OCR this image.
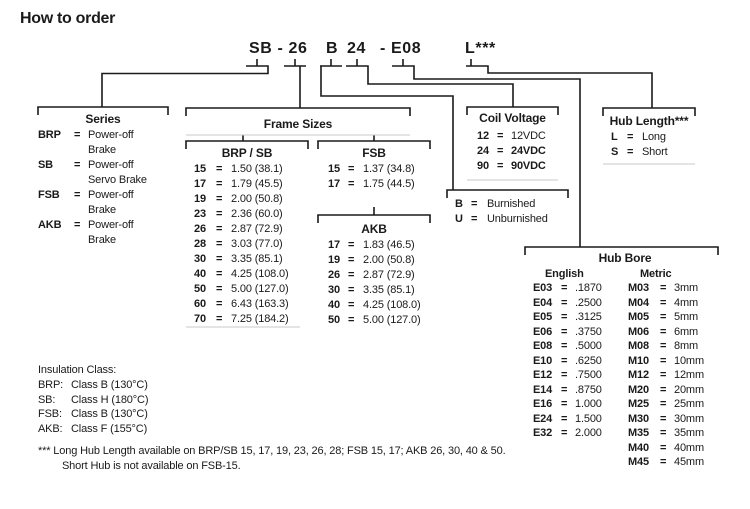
How to order
SB - 26 B 24 - E08	L***
Series
BRP	= Power-off
Brake
SB	= Power-off
Servo Brake
FSB	= Power-off
Brake
AKB	= Power-off
Brake
Frame Sizes
BRP / SB
15 = 1.50 (38.1)
17 = 1.79 (45.5)
19 = 2.00 (50.8)
23 = 2.36 (60.0)
26 = 2.87 (72.9)
28 = 3.03 (77.0)
30 = 3.35 (85.1)
40 = 4.25 (108.0)
50 = 5.00 (127.0)
60 = 6.43 (163.3)
70 = 7.25 (184.2)
FSB
15 = 1.37 (34.8)
17 = 1.75 (44.5)
AKB
17 = 1.83 (46.5)
19 = 2.00 (50.8)
26 = 2.87 (72.9)
30 = 3.35 (85.1)
40 = 4.25 (108.0)
50 = 5.00 (127.0)
Coil Voltage
12 = 12VDC
24 = 24VDC
90 = 90VDC
B = Burnished
U = Unburnished
Hub Length***
L = Long
S = Short
Hub Bore
English
E03 = .1870
E04 = .2500
E05 = .3125
E06 = .3750
E08 = .5000
E10 = .6250
E12 = .7500
E14 = .8750
E16 = 1.000
E24 = 1.500
E32 = 2.000
Metric
M03	= 3mm
M04	= 4mm
M05	= 5mm
M06	= 6mm
M08	= 8mm
M10	= 10mm
M12	= 12mm
M20	= 20mm
M25	= 25mm
M30	= 30mm
M35	= 35mm
M40	= 40mm
M45	= 45mm
Insulation Class:
BRP: Class B (130°C)
SB:	Class H (180°C)
FSB: Class B (130°C)
AKB: Class F (155°C)
*** Long Hub Length available on BRP/SB 15, 17, 19, 23, 26, 28; FSB 15, 17; AKB 26, 30, 40 & 50.
Short Hub is not available on FSB-15.
